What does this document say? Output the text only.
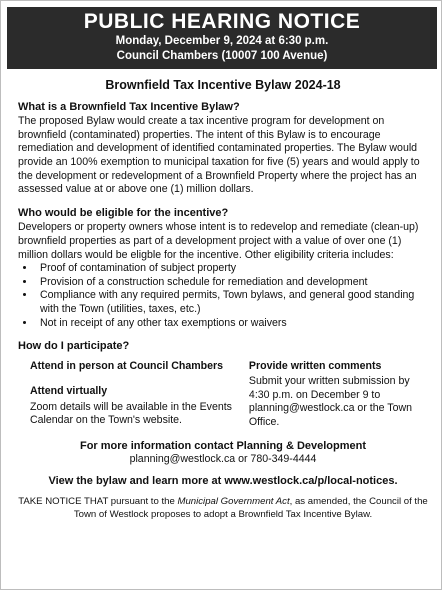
PUBLIC HEARING NOTICE
Monday, December 9, 2024 at 6:30 p.m.
Council Chambers (10007 100 Avenue)
Brownfield Tax Incentive Bylaw 2024-18
What is a Brownfield Tax Incentive Bylaw?

The proposed Bylaw would create a tax incentive program for development on brownfield (contaminated) properties. The intent of this Bylaw is to encourage remediation and development of identified contaminated properties. The Bylaw would provide an 100% exemption to municipal taxation for five (5) years and would apply to the development or redevelopment of a Brownfield Property where the project has an assessed value at or above one (1) million dollars.

Who would be eligible for the incentive?

Developers or property owners whose intent is to redevelop and remediate (clean-up) brownfield properties as part of a development project with a value of over one (1) million dollars would be eligble for the incentive. Other eligibility criteria includes:

• Proof of contamination of subject property
• Provision of a construction schedule for remediation and development
• Compliance with any required permits, Town bylaws, and general good standing with the Town (utilities, taxes, etc.)
• Not in receipt of any other tax exemptions or waivers
How do I participate?
Attend in person at Council Chambers
Attend virtually

Zoom details will be available in the Events Calendar on the Town's website.

Provide written comments

Submit your written submission by 4:30 p.m. on December 9 to planning@westlock.ca or the Town Office.

For more information contact Planning & Development
planning@westlock.ca or 780-349-4444
View the bylaw and learn more at www.westlock.ca/p/local-notices.
TAKE NOTICE THAT pursuant to the Municipal Government Act, as amended, the Council of the Town of Westlock proposes to adopt a Brownfield Tax Incentive Bylaw.
